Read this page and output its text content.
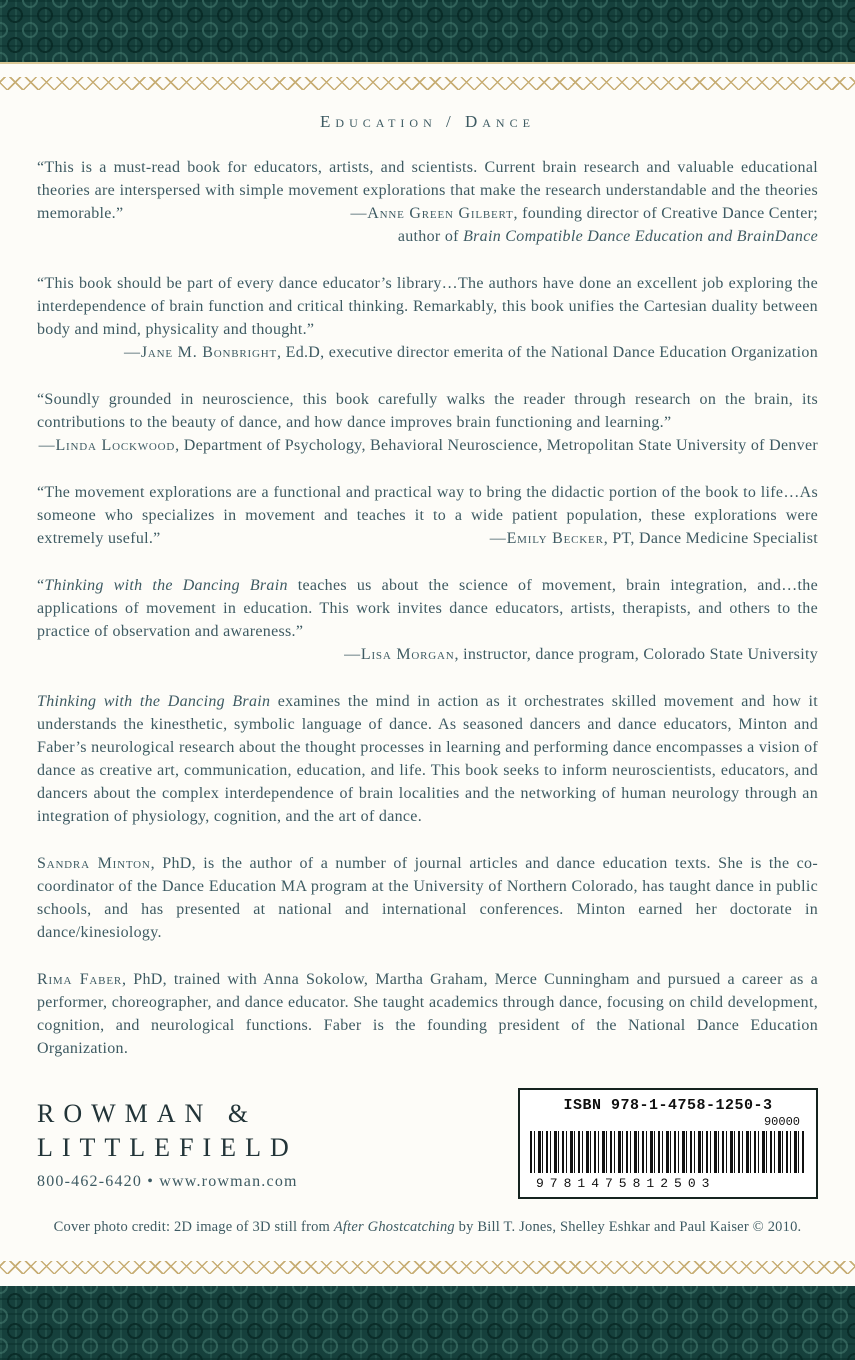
Education / Dance

“This is a must-read book for educators, artists, and scientists. Current brain research and valuable educational theories are interspersed with simple movement explorations that make the research understandable and the theories memorable.”	—Anne Green Gilbert, founding director of Creative Dance Center;

author of Brain Compatible Dance Education and BrainDance

“This book should be part of every dance educator’s library…The authors have done an excellent job exploring the interdependence of brain function and critical thinking. Remarkably, this book unifies the Cartesian duality between body and mind, physicality and thought.”

—Jane M. Bonbright, Ed.D, executive director emerita of the National Dance Education Organization

“Soundly grounded in neuroscience, this book carefully walks the reader through research on the brain, its contributions to the beauty of dance, and how dance improves brain functioning and learning.”

—Linda Lockwood, Department of Psychology, Behavioral Neuroscience, Metropolitan State University of Denver

“The movement explorations are a functional and practical way to bring the didactic portion of the book to life…As someone who specializes in movement and teaches it to a wide patient population, these explorations were extremely useful.”	—Emily Becker, PT, Dance Medicine Specialist

“Thinking with the Dancing Brain teaches us about the science of movement, brain integration, and…the applications of movement in education. This work invites dance educators, artists, therapists, and others to the practice of observation and awareness.”

—Lisa Morgan, instructor, dance program, Colorado State University

Thinking with the Dancing Brain examines the mind in action as it orchestrates skilled movement and how it understands the kinesthetic, symbolic language of dance. As seasoned dancers and dance educators, Minton and Faber’s neurological research about the thought processes in learning and performing dance encompasses a vision of dance as creative art, communication, education, and life. This book seeks to inform neuroscientists, educators, and dancers about the complex interdependence of brain localities and the networking of human neurology through an integration of physiology, cognition, and the art of dance.

Sandra Minton, PhD, is the author of a number of journal articles and dance education texts. She is the co-coordinator of the Dance Education MA program at the University of Northern Colorado, has taught dance in public schools, and has presented at national and international conferences. Minton earned her doctorate in dance/kinesiology.

Rima Faber, PhD, trained with Anna Sokolow, Martha Graham, Merce Cunningham and pursued a career as a performer, choreographer, and dance educator. She taught academics through dance, focusing on child development, cognition, and neurological functions. Faber is the founding president of the National Dance Education Organization.

ROWMAN &
LITTLEFIELD
800-462-6420 • www.rowman.com
ISBN 978-1-4758-1250-3
90000
9781475812503
Cover photo credit: 2D image of 3D still from After Ghostcatching by Bill T. Jones, Shelley Eshkar and Paul Kaiser © 2010.
